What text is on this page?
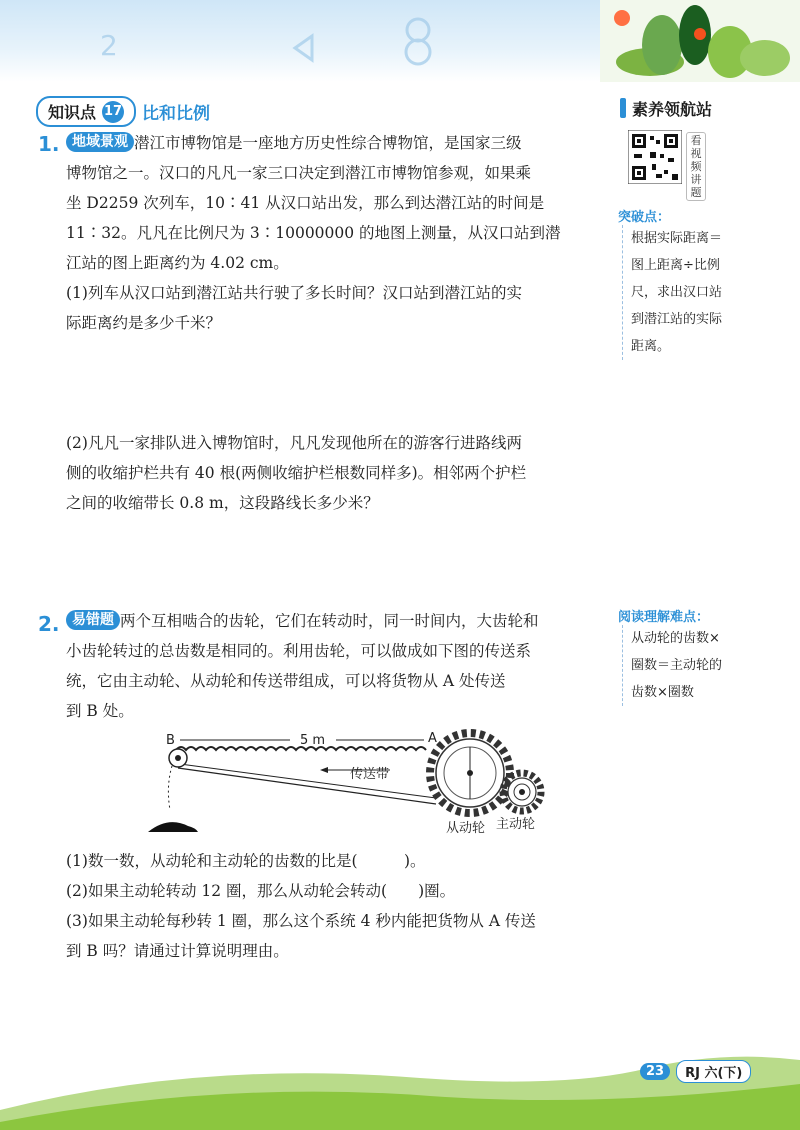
2
知识点 17 比和比例	素养领航站
看视频讲题
1. 地域景观 潜江市博物馆是一座地方历史性综合博物馆，是国家三级

博物馆之一。汉口的凡凡一家三口决定到潜江市博物馆参观，如果乘

坐 D2259 次列车，10∶41 从汉口站出发，那么到达潜江站的时间是

11∶32。凡凡在比例尺为 3∶10000000 的地图上测量，从汉口站到潜

江站的图上距离约为 4.02 cm。

(1)列车从汉口站到潜江站共行驶了多长时间？汉口站到潜江站的实

际距离约是多少千米？

(2)凡凡一家排队进入博物馆时，凡凡发现他所在的游客行进路线两

侧的收缩护栏共有 40 根(两侧收缩护栏根数同样多)。相邻两个护栏

之间的收缩带长 0.8 m，这段路线长多少米？

突破点：
根据实际距离＝
图上距离÷比例
尺，求出汉口站
到潜江站的实际
距离。
2. 易错题 两个互相啮合的齿轮，它们在转动时，同一时间内，大齿轮和

小齿轮转过的总齿数是相同的。利用齿轮，可以做成如下图的传送系

统，它由主动轮、从动轮和传送带组成，可以将货物从 A 处传送

到 B 处。

阅读理解难点：
从动轮的齿数×
圈数＝主动轮的
齿数×圈数
B	A
5 m
传送带
从动轮 主动轮

(1)数一数，从动轮和主动轮的齿数的比是(　　　)。

(2)如果主动轮转动 12 圈，那么从动轮会转动(　　)圈。

(3)如果主动轮每秒转 1 圈，那么这个系统 4 秒内能把货物从 A 传送

到 B 吗？请通过计算说明理由。

23	RJ 六(下)
